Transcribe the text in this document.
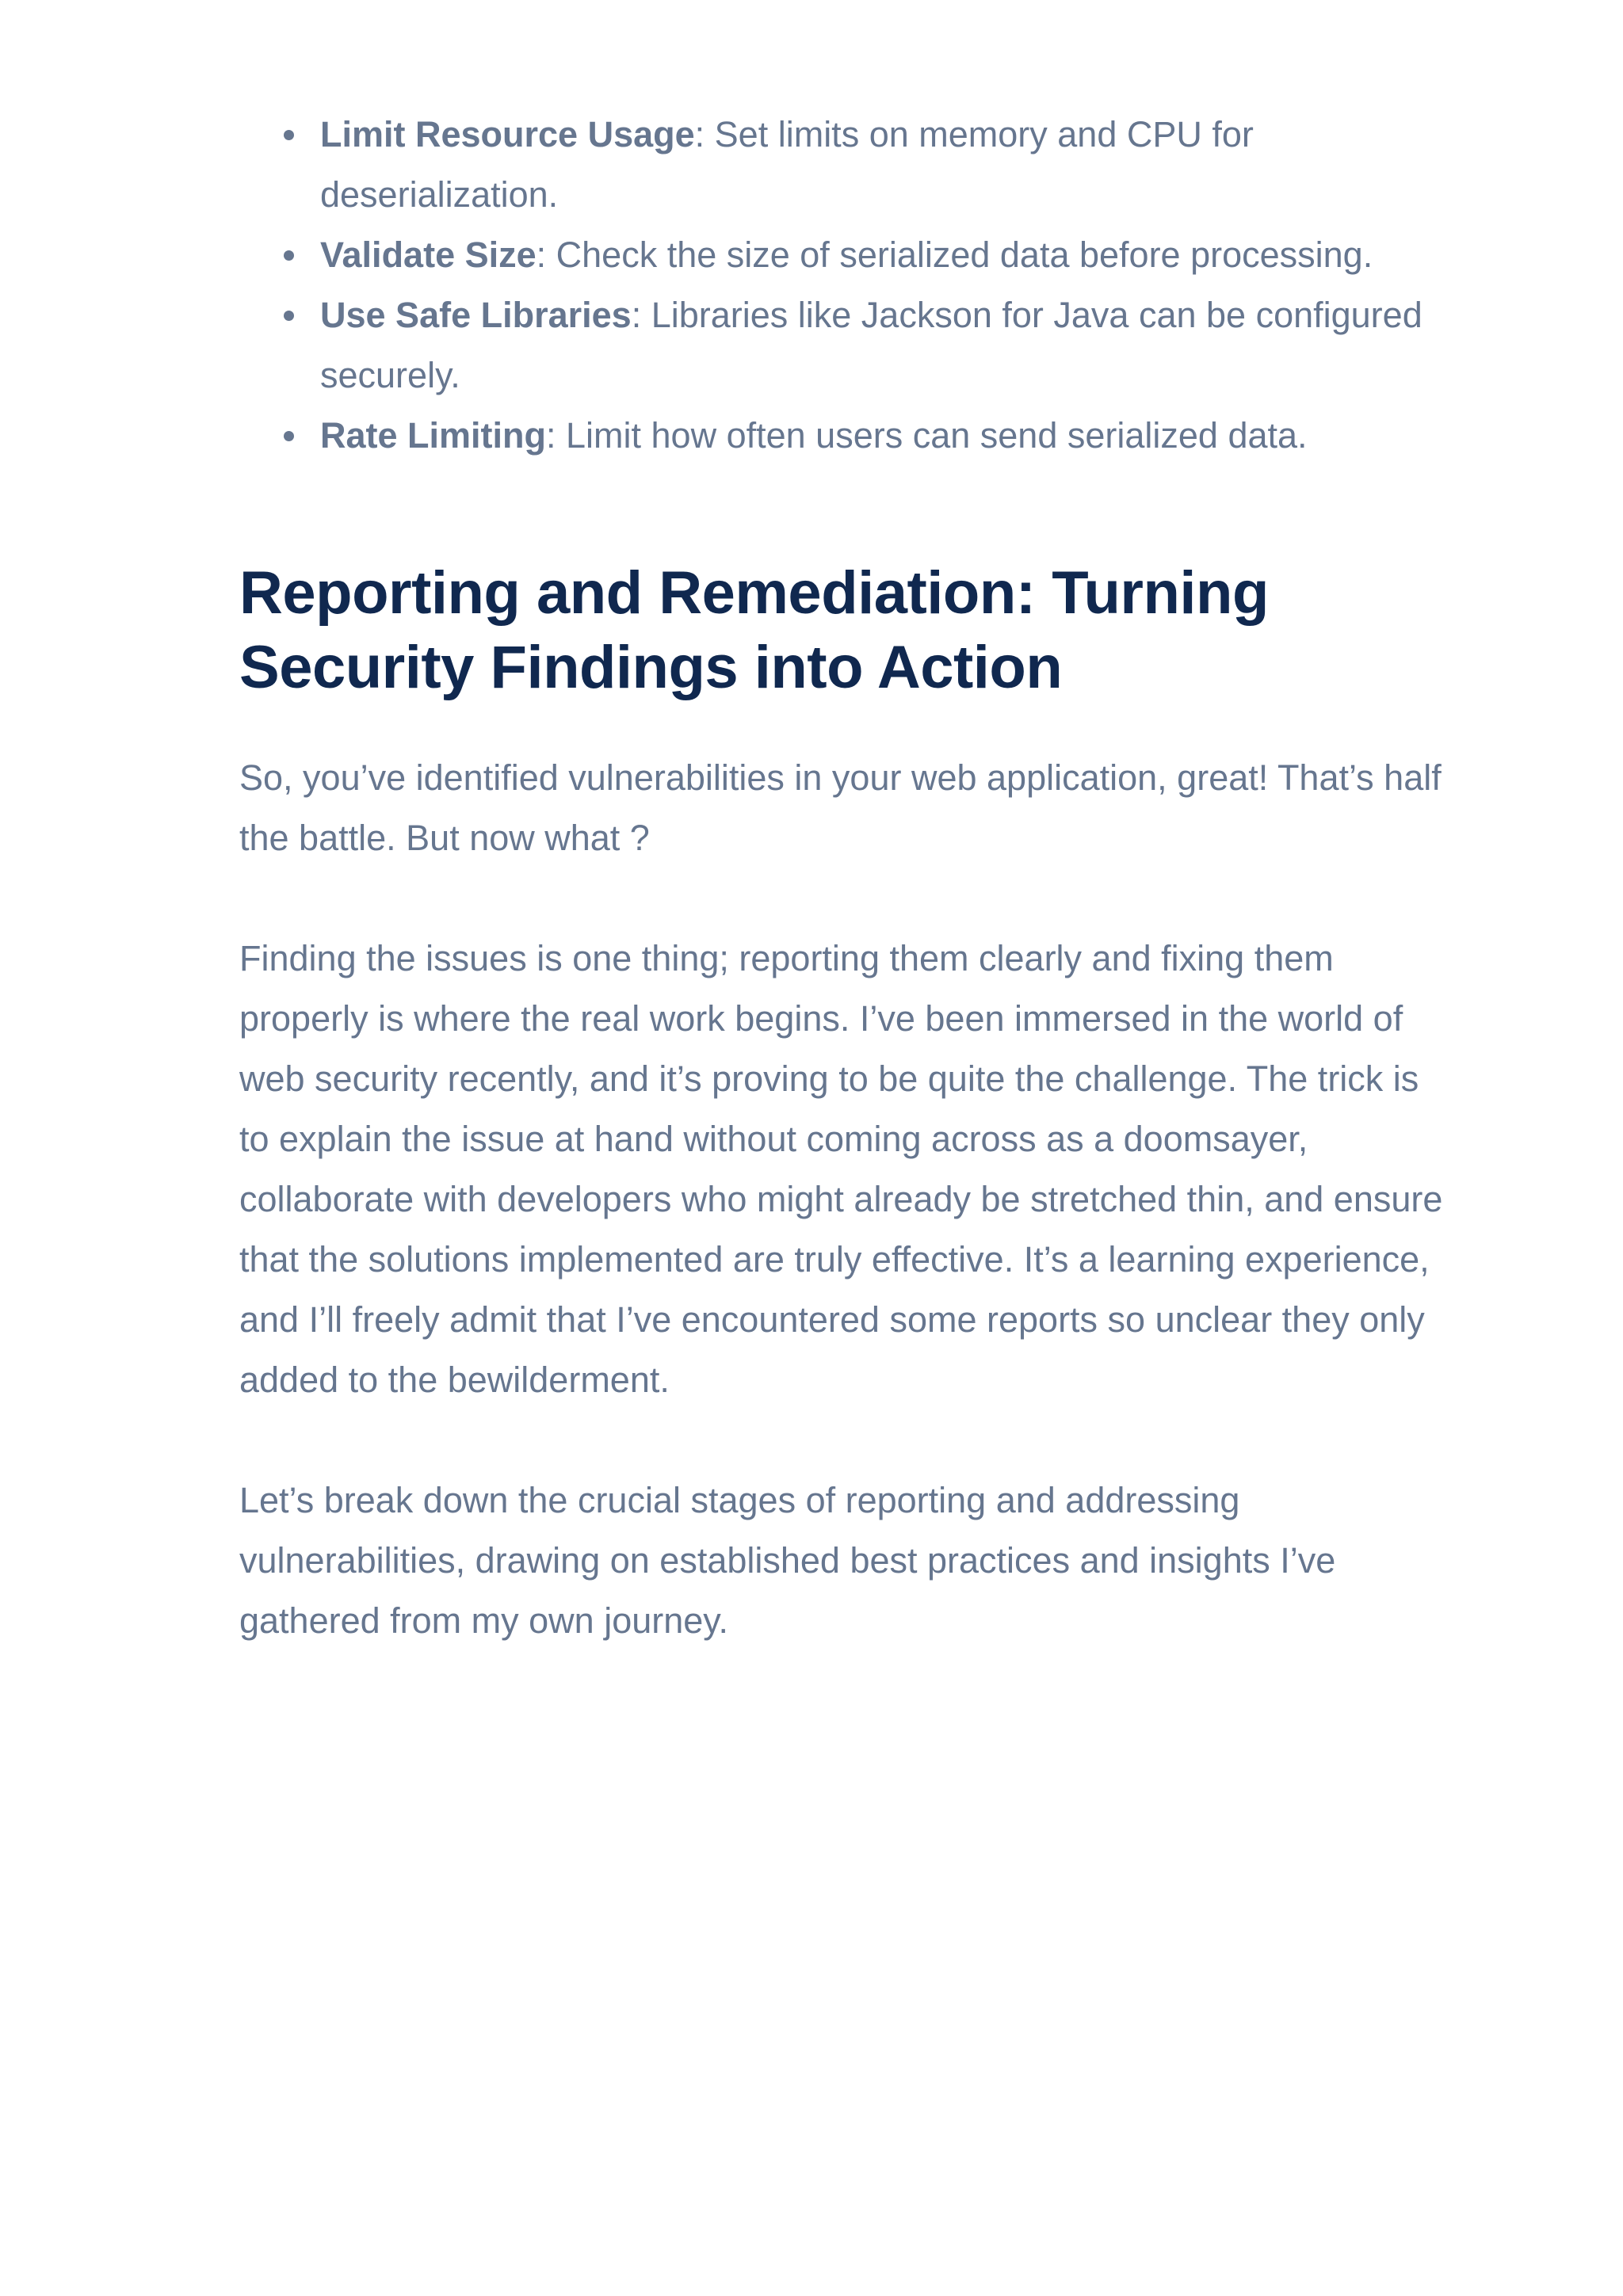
Limit Resource Usage: Set limits on memory and CPU for deserialization.
Validate Size: Check the size of serialized data before processing.
Use Safe Libraries: Libraries like Jackson for Java can be configured securely.
Rate Limiting: Limit how often users can send serialized data.
Reporting and Remediation: Turning Security Findings into Action

So, you’ve identified vulnerabilities in your web application, great! That’s half the battle. But now what ?

Finding the issues is one thing; reporting them clearly and fixing them properly is where the real work begins. I’ve been immersed in the world of web security recently, and it’s proving to be quite the challenge. The trick is to explain the issue at hand without coming across as a doomsayer, collaborate with developers who might already be stretched thin, and ensure that the solutions implemented are truly effective. It’s a learning experience, and I’ll freely admit that I’ve encountered some reports so unclear they only added to the bewilderment.

Let’s break down the crucial stages of reporting and addressing vulnerabilities, drawing on established best practices and insights I’ve gathered from my own journey.
